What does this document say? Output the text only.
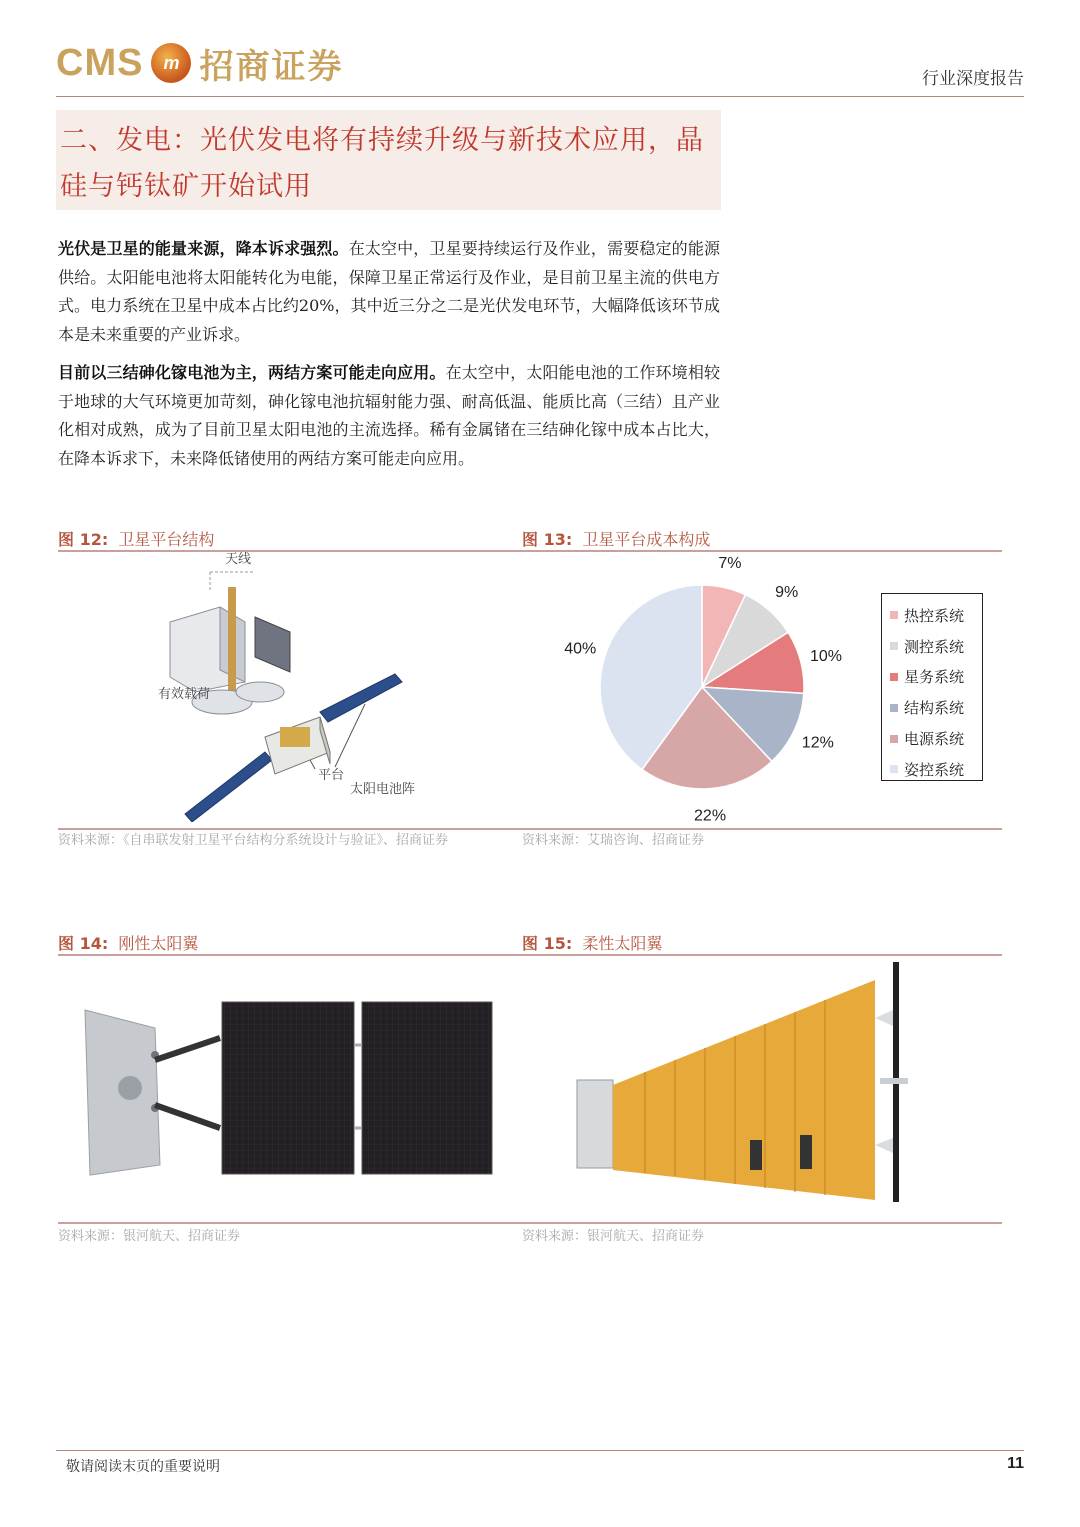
CMS	m 招商证券	行业深度报告
二、发电：光伏发电将有持续升级与新技术应用，晶
硅与钙钛矿开始试用
光伏是卫星的能量来源，降本诉求强烈。在太空中，卫星要持续运行及作业，需要稳定的能源供给。太阳能电池将太阳能转化为电能，保障卫星正常运行及作业，是目前卫星主流的供电方式。电力系统在卫星中成本占比约20%，其中近三分之二是光伏发电环节，大幅降低该环节成本是未来重要的产业诉求。
目前以三结砷化镓电池为主，两结方案可能走向应用。在太空中，太阳能电池的工作环境相较于地球的大气环境更加苛刻，砷化镓电池抗辐射能力强、耐高低温、能质比高（三结）且产业化相对成熟，成为了目前卫星太阳电池的主流选择。稀有金属锗在三结砷化镓中成本占比大，在降本诉求下，未来降低锗使用的两结方案可能走向应用。
图 12: 卫星平台结构	图 13: 卫星平台成本构成
天线
有效载荷
平台
太阳电池阵
7%
9%
10%
12%
22%
40%
热控系统
测控系统
星务系统
结构系统
电源系统
姿控系统
资料来源：《自串联发射卫星平台结构分系统设计与验证》、招商证券	资料来源：艾瑞咨询、招商证券
图 14: 刚性太阳翼	图 15: 柔性太阳翼
资料来源：银河航天、招商证券	资料来源：银河航天、招商证券
敬请阅读末页的重要说明	11
